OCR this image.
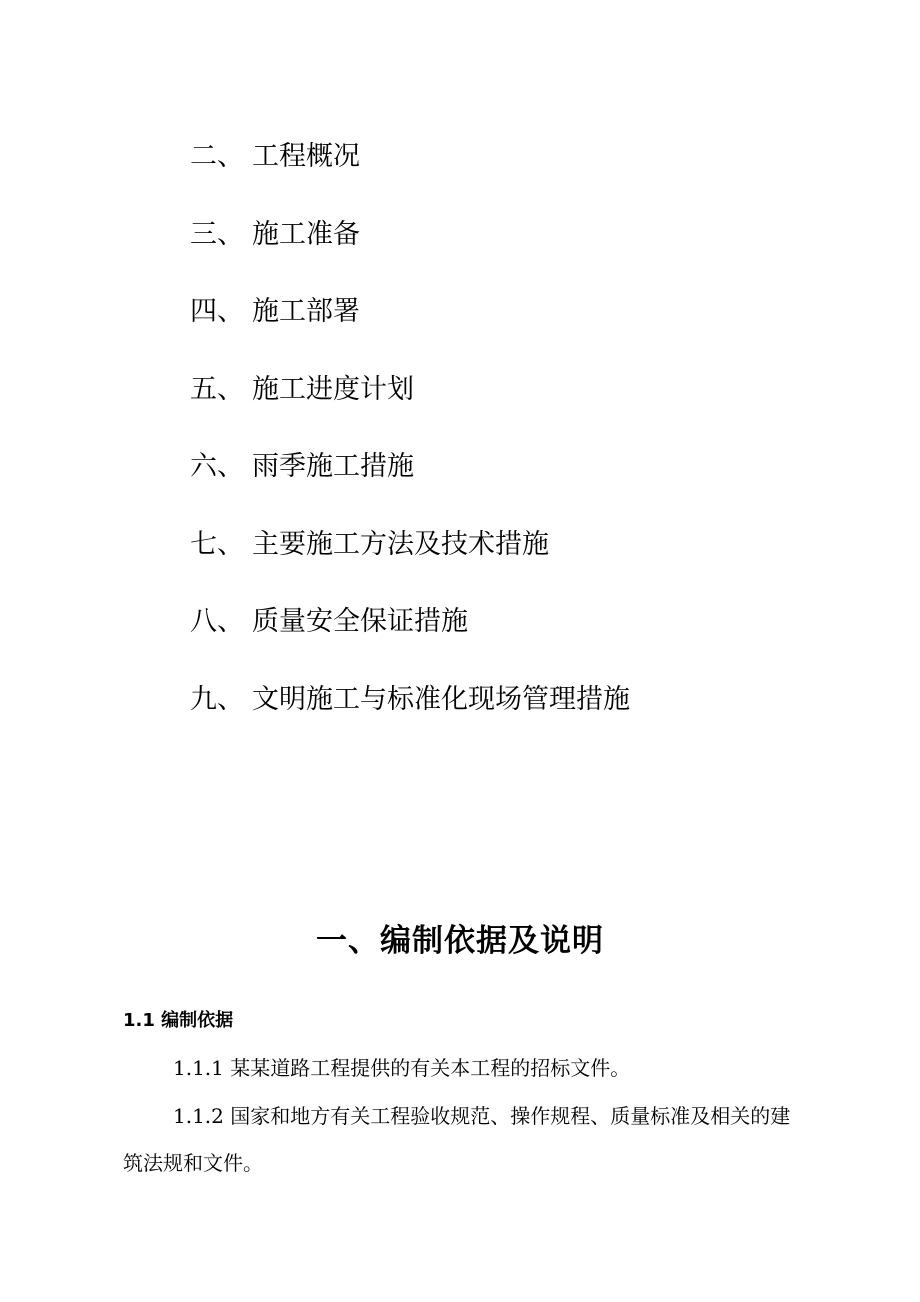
二、 工程概况
三、 施工准备
四、 施工部署
五、 施工进度计划
六、 雨季施工措施
七、 主要施工方法及技术措施
八、 质量安全保证措施
九、 文明施工与标准化现场管理措施
一、编制依据及说明
1.1 编制依据
1.1.1 某某道路工程提供的有关本工程的招标文件。
1.1.2 国家和地方有关工程验收规范、操作规程、质量标准及相关的建筑法规和文件。
